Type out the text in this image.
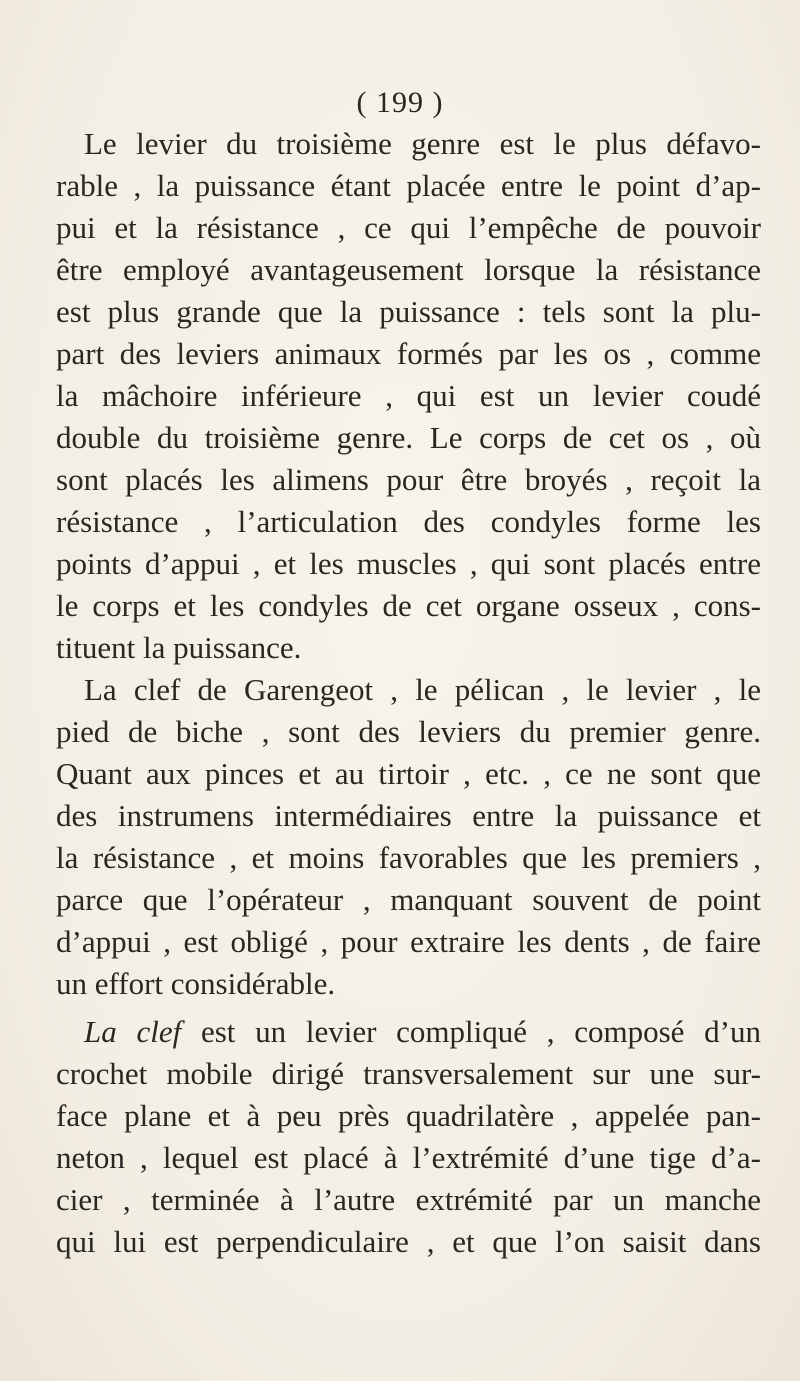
( 199 )
Le levier du troisième genre est le plus défavo-
rable , la puissance étant placée entre le point d’ap-
pui et la résistance , ce qui l’empêche de pouvoir
être employé avantageusement lorsque la résistance
est plus grande que la puissance : tels sont la plu-
part des leviers animaux formés par les os , comme
la mâchoire inférieure , qui est un levier coudé
double du troisième genre. Le corps de cet os , où
sont placés les alimens pour être broyés , reçoit la
résistance , l’articulation des condyles forme les
points d’appui , et les muscles , qui sont placés entre
le corps et les condyles de cet organe osseux , cons-
tituent la puissance.
La clef de Garengeot , le pélican , le levier , le
pied de biche , sont des leviers du premier genre.
Quant aux pinces et au tirtoir , etc. , ce ne sont que
des instrumens intermédiaires entre la puissance et
la résistance , et moins favorables que les premiers ,
parce que l’opérateur , manquant souvent de point
d’appui , est obligé , pour extraire les dents , de faire
un effort considérable.
La clef est un levier compliqué , composé d’un
crochet mobile dirigé transversalement sur une sur-
face plane et à peu près quadrilatère , appelée pan-
neton , lequel est placé à l’extrémité d’une tige d’a-
cier , terminée à l’autre extrémité par un manche
qui lui est perpendiculaire , et que l’on saisit dans
